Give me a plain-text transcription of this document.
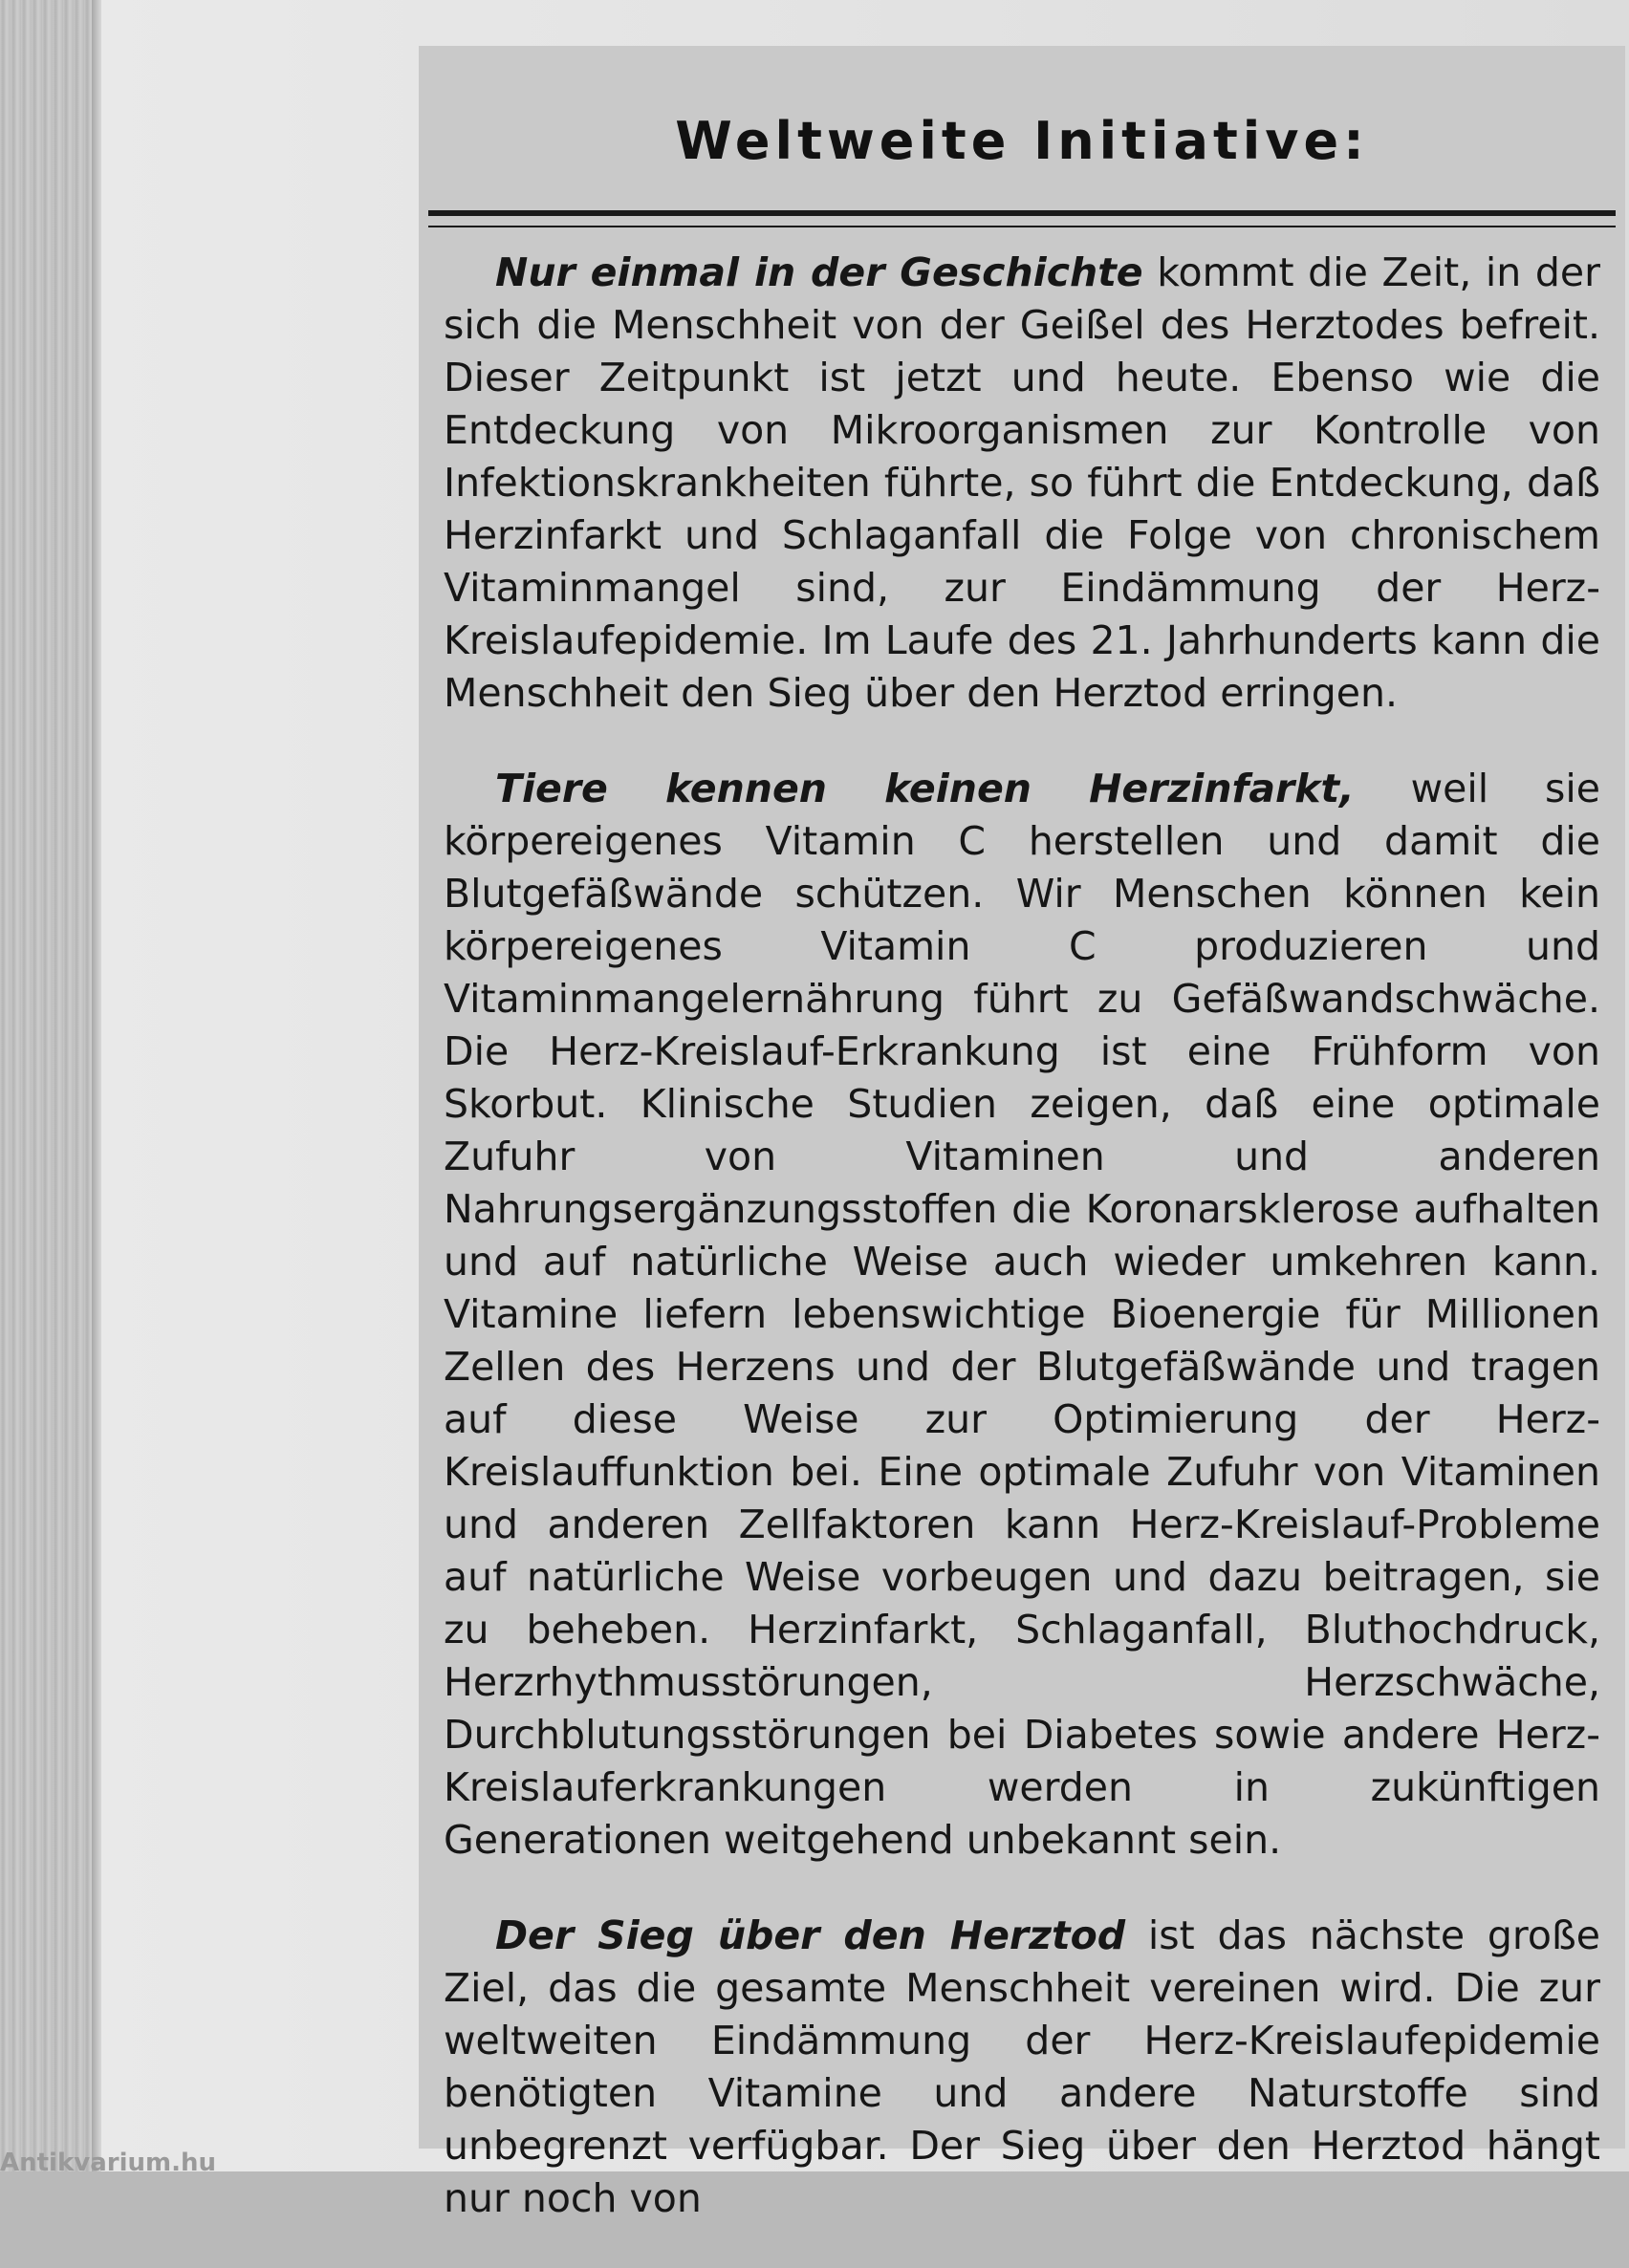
Weltweite Initiative:

Nur einmal in der Geschichte kommt die Zeit, in der sich die Menschheit von der Geißel des Herztodes befreit. Dieser Zeitpunkt ist jetzt und heute. Ebenso wie die Entdeckung von Mikroorganismen zur Kontrolle von Infektionskrankheiten führte, so führt die Entdeckung, daß Herzinfarkt und Schlaganfall die Folge von chronischem Vitaminmangel sind, zur Eindämmung der Herz-Kreislaufepidemie. Im Laufe des 21. Jahrhunderts kann die Menschheit den Sieg über den Herztod erringen.

Tiere kennen keinen Herzinfarkt, weil sie körpereigenes Vitamin C herstellen und damit die Blutgefäßwände schützen. Wir Menschen können kein körpereigenes Vitamin C produzieren und Vitaminmangelernährung führt zu Gefäßwandschwäche. Die Herz-Kreislauf-Erkrankung ist eine Frühform von Skorbut. Klinische Studien zeigen, daß eine optimale Zufuhr von Vitaminen und anderen Nahrungsergänzungsstoffen die Koronarsklerose aufhalten und auf natürliche Weise auch wieder umkehren kann. Vitamine liefern lebenswichtige Bioenergie für Millionen Zellen des Herzens und der Blutgefäßwände und tragen auf diese Weise zur Optimierung der Herz-Kreislauffunktion bei. Eine optimale Zufuhr von Vitaminen und anderen Zellfaktoren kann Herz-Kreislauf-Probleme auf natürliche Weise vorbeugen und dazu beitragen, sie zu beheben. Herzinfarkt, Schlaganfall, Bluthochdruck, Herzrhythmusstörungen, Herzschwäche, Durchblutungsstörungen bei Diabetes sowie andere Herz-Kreislauferkrankungen werden in zukünftigen Generationen weitgehend unbekannt sein.

Der Sieg über den Herztod ist das nächste große Ziel, das die gesamte Menschheit vereinen wird. Die zur weltweiten Eindämmung der Herz-Kreislaufepidemie benötigten Vitamine und andere Naturstoffe sind unbegrenzt verfügbar. Der Sieg über den Herztod hängt nur noch von

Antikvarium.hu
